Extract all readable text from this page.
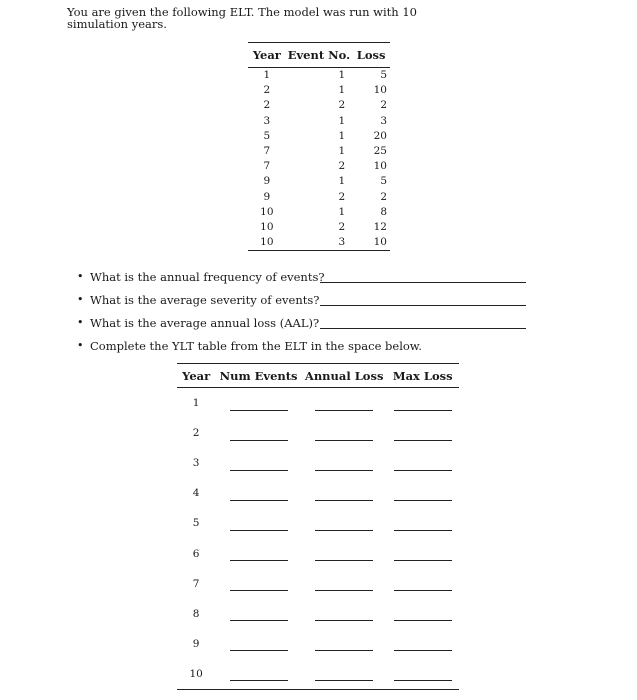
You are given the following ELT. The model was run with 10 simulation years.

Year	Event No.	Loss
1	1	5
2	1	10
2	2	2
3	1	3
5	1	20
7	1	25
7	2	10
9	1	5
9	2	2
10	1	8
10	2	12
10	3	10
• What is the annual frequency of events?
• What is the average severity of events?
• What is the average annual loss (AAL)?
• Complete the YLT table from the ELT in the space below.
Year	Num Events	Annual Loss	Max Loss
1	

2	

3	

4	

5	

6	

7	

8	

9	

10	
